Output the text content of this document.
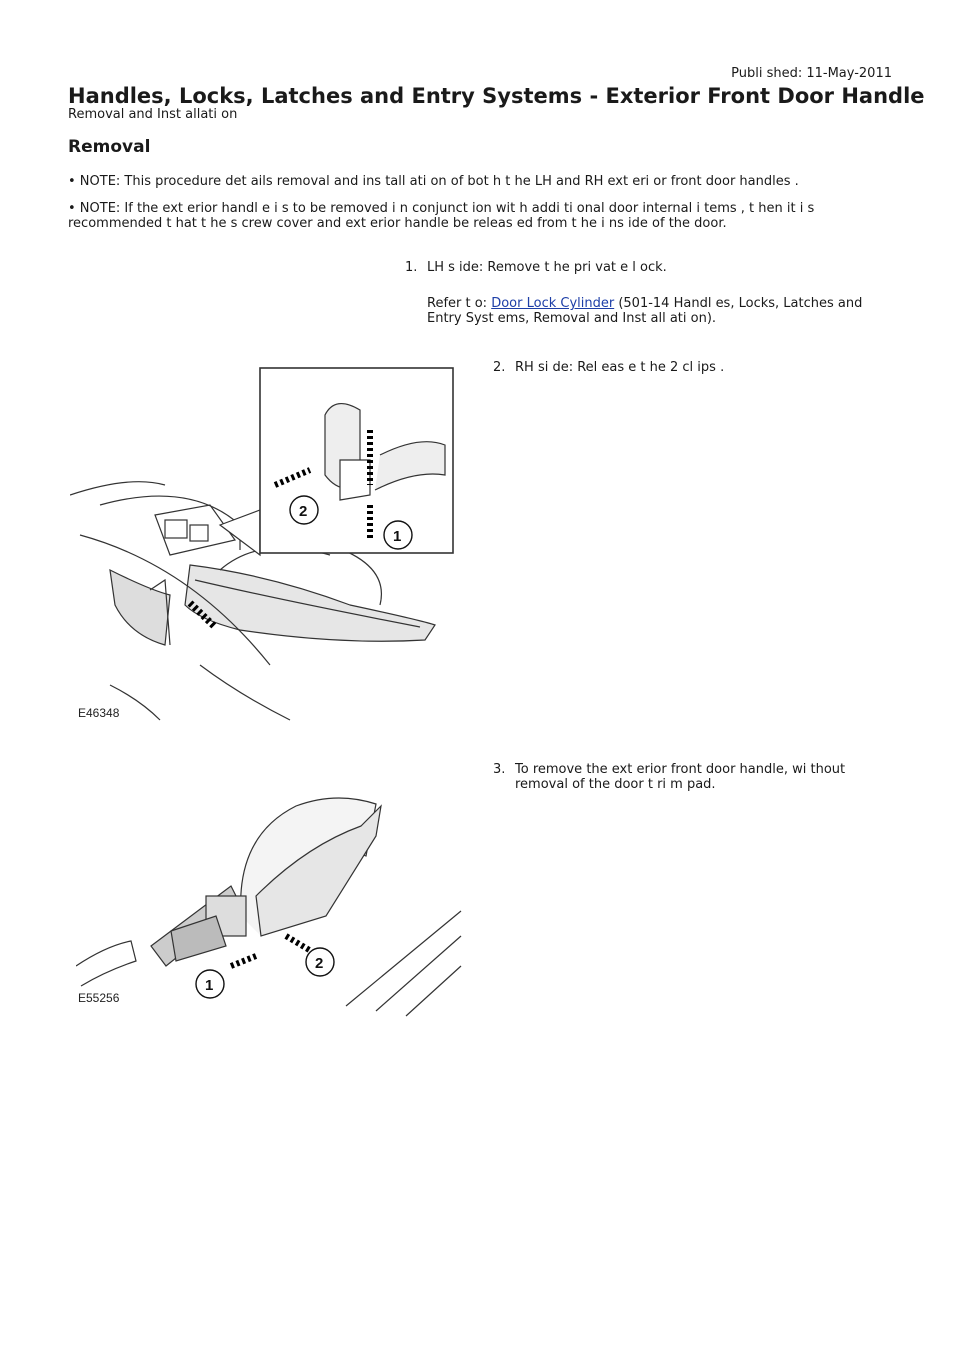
Publi shed: 11-May-2011
Handles, Locks, Latches and Entry Systems - Exterior Front Door Handle
Removal and Inst allati on
Removal
• NOTE: This procedure det ails removal and ins tall ati on of bot h t he LH and RH ext eri or front door handles .
• NOTE: If the ext erior handl e i s to be removed i n conjunct ion wit h addi ti onal door internal i tems , t hen it i s recommended t hat t he s crew cover and ext erior handle be releas ed from t he i ns ide of the door.
1. LH s ide: Remove t he pri vat e l ock.
Refer t o: Door Lock Cylinder (501-14 Handl es, Locks, Latches and Entry Syst ems, Removal and Inst all ati on).
2. RH si de: Rel eas e t he 2 cl ips .
3. To remove the ext erior front door handle, wi thout removal of the door t ri m pad.
2
1
E46348
1
2
E55256
